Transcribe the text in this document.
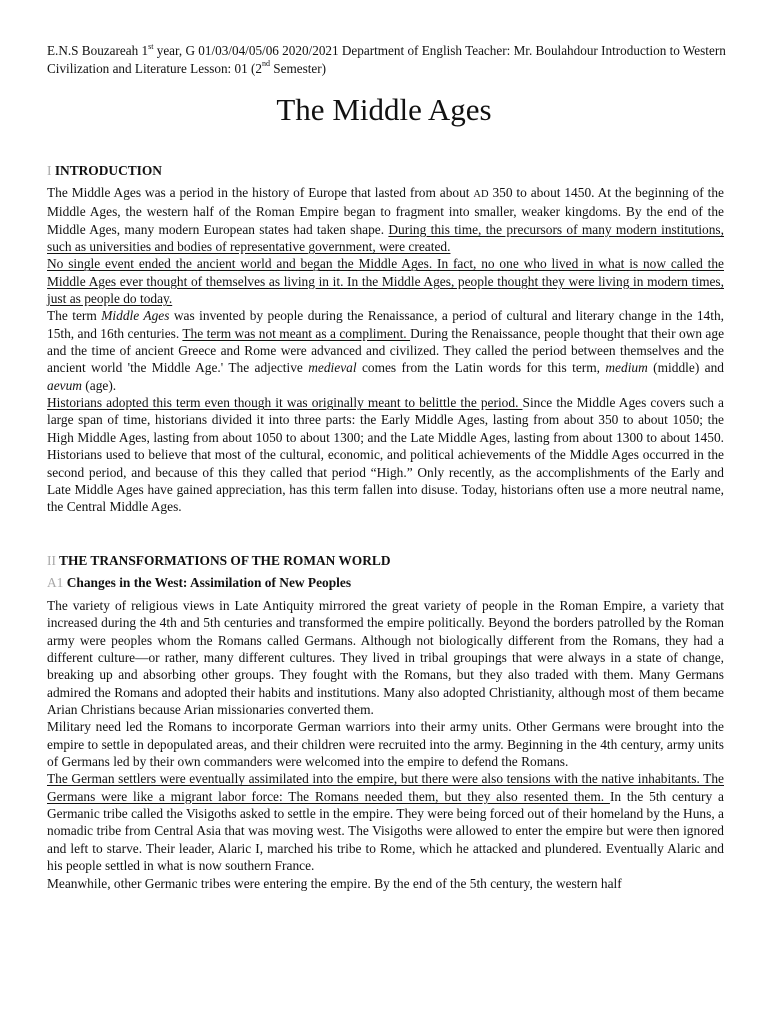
E.N.S Bouzareah 1st year, G 01/03/04/05/06 2020/2021 Department of English Teacher: Mr. Boulahdour Introduction to Western Civilization and Literature Lesson: 01 (2nd Semester)
The Middle Ages
I INTRODUCTION

The Middle Ages was a period in the history of Europe that lasted from about AD 350 to about 1450. At the beginning of the Middle Ages, the western half of the Roman Empire began to fragment into smaller, weaker kingdoms. By the end of the Middle Ages, many modern European states had taken shape. During this time, the precursors of many modern institutions, such as universities and bodies of representative government, were created.

No single event ended the ancient world and began the Middle Ages. In fact, no one who lived in what is now called the Middle Ages ever thought of themselves as living in it. In the Middle Ages, people thought they were living in modern times, just as people do today.

The term Middle Ages was invented by people during the Renaissance, a period of cultural and literary change in the 14th, 15th, and 16th centuries. The term was not meant as a compliment. During the Renaissance, people thought that their own age and the time of ancient Greece and Rome were advanced and civilized. They called the period between themselves and the ancient world 'the Middle Age.' The adjective medieval comes from the Latin words for this term, medium (middle) and aevum (age).

Historians adopted this term even though it was originally meant to belittle the period. Since the Middle Ages covers such a large span of time, historians divided it into three parts: the Early Middle Ages, lasting from about 350 to about 1050; the High Middle Ages, lasting from about 1050 to about 1300; and the Late Middle Ages, lasting from about 1300 to about 1450. Historians used to believe that most of the cultural, economic, and political achievements of the Middle Ages occurred in the second period, and because of this they called that period “High.” Only recently, as the accomplishments of the Early and Late Middle Ages have gained appreciation, has this term fallen into disuse. Today, historians often use a more neutral name, the Central Middle Ages.

II THE TRANSFORMATIONS OF THE ROMAN WORLD
A1 Changes in the West: Assimilation of New Peoples

The variety of religious views in Late Antiquity mirrored the great variety of people in the Roman Empire, a variety that increased during the 4th and 5th centuries and transformed the empire politically. Beyond the borders patrolled by the Roman army were peoples whom the Romans called Germans. Although not biologically different from the Romans, they had a different culture—or rather, many different cultures. They lived in tribal groupings that were always in a state of change, breaking up and absorbing other groups. They fought with the Romans, but they also traded with them. Many Germans admired the Romans and adopted their habits and institutions. Many also adopted Christianity, although most of them became Arian Christians because Arian missionaries converted them.

Military need led the Romans to incorporate German warriors into their army units. Other Germans were brought into the empire to settle in depopulated areas, and their children were recruited into the army. Beginning in the 4th century, army units of Germans led by their own commanders were welcomed into the empire to defend the Romans.

The German settlers were eventually assimilated into the empire, but there were also tensions with the native inhabitants. The Germans were like a migrant labor force: The Romans needed them, but they also resented them. In the 5th century a Germanic tribe called the Visigoths asked to settle in the empire. They were being forced out of their homeland by the Huns, a nomadic tribe from Central Asia that was moving west. The Visigoths were allowed to enter the empire but were then ignored and left to starve. Their leader, Alaric I, marched his tribe to Rome, which he attacked and plundered. Eventually Alaric and his people settled in what is now southern France.

Meanwhile, other Germanic tribes were entering the empire. By the end of the 5th century, the western half
